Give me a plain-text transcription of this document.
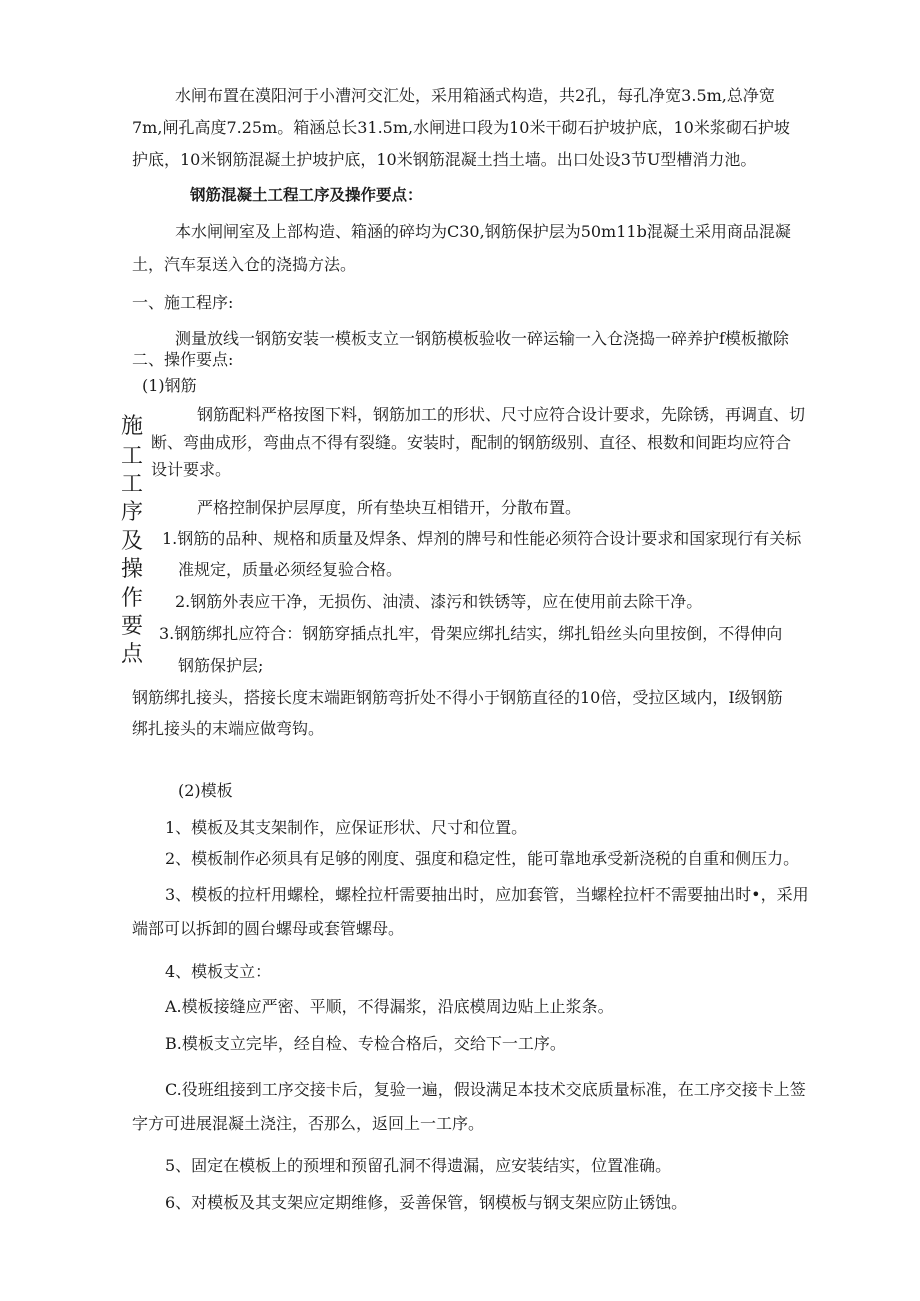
水闸布置在漠阳河于小漕河交汇处，采用箱涵式构造，共2孔，每孔净宽3.5m,总净宽
7m,闸孔高度7.25m。箱涵总长31.5m,水闸进口段为10米干砌石护坡护底，10米浆砌石护坡
护底，10米钢筋混凝土护坡护底，10米钢筋混凝土挡土墙。出口处设3节U型槽消力池。
钢筋混凝土工程工序及操作要点：
本水闸闸室及上部构造、箱涵的碎均为C30,钢筋保护层为50m11b混凝土采用商品混凝
土，汽车泵送入仓的浇捣方法。
一、施工程序:
测量放线一钢筋安装一模板支立一钢筋模板验收一碎运输一入仓浇捣一碎养护f模板撤除
二、操作要点:
(1)钢筋
施
工
工
序
及
操
作
要
点
钢筋配料严格按图下料，钢筋加工的形状、尺寸应符合设计要求，先除锈，再调直、切
断、弯曲成形，弯曲点不得有裂缝。安装时，配制的钢筋级别、直径、根数和间距均应符合
设计要求。
严格控制保护层厚度，所有垫块互相错开，分散布置。
1.钢筋的品种、规格和质量及焊条、焊剂的牌号和性能必须符合设计要求和国家现行有关标
准规定，质量必须经复验合格。
2.钢筋外表应干净，无损伤、油渍、漆污和铁锈等，应在使用前去除干净。
3.钢筋绑扎应符合：钢筋穿插点扎牢，骨架应绑扎结实，绑扎铅丝头向里按倒，不得伸向
钢筋保护层;
钢筋绑扎接头，搭接长度末端距钢筋弯折处不得小于钢筋直径的10倍，受拉区域内，I级钢筋
绑扎接头的末端应做弯钩。
(2)模板
1、模板及其支架制作，应保证形状、尺寸和位置。
2、模板制作必须具有足够的刚度、强度和稳定性，能可靠地承受新浇税的自重和侧压力。
3、模板的拉杆用螺栓，螺栓拉杆需要抽出时，应加套管，当螺栓拉杆不需要抽出时•，采用
端部可以拆卸的圆台螺母或套管螺母。
4、模板支立：
A.模板接缝应严密、平顺，不得漏浆，沿底模周边贴上止浆条。
B.模板支立完毕，经自检、专检合格后，交给下一工序。
C.役班组接到工序交接卡后，复验一遍，假设满足本技术交底质量标准，在工序交接卡上签
字方可进展混凝土浇注，否那么，返回上一工序。
5、固定在模板上的预埋和预留孔洞不得遗漏，应安装结实，位置准确。
6、对模板及其支架应定期维修，妥善保管，钢模板与钢支架应防止锈蚀。
